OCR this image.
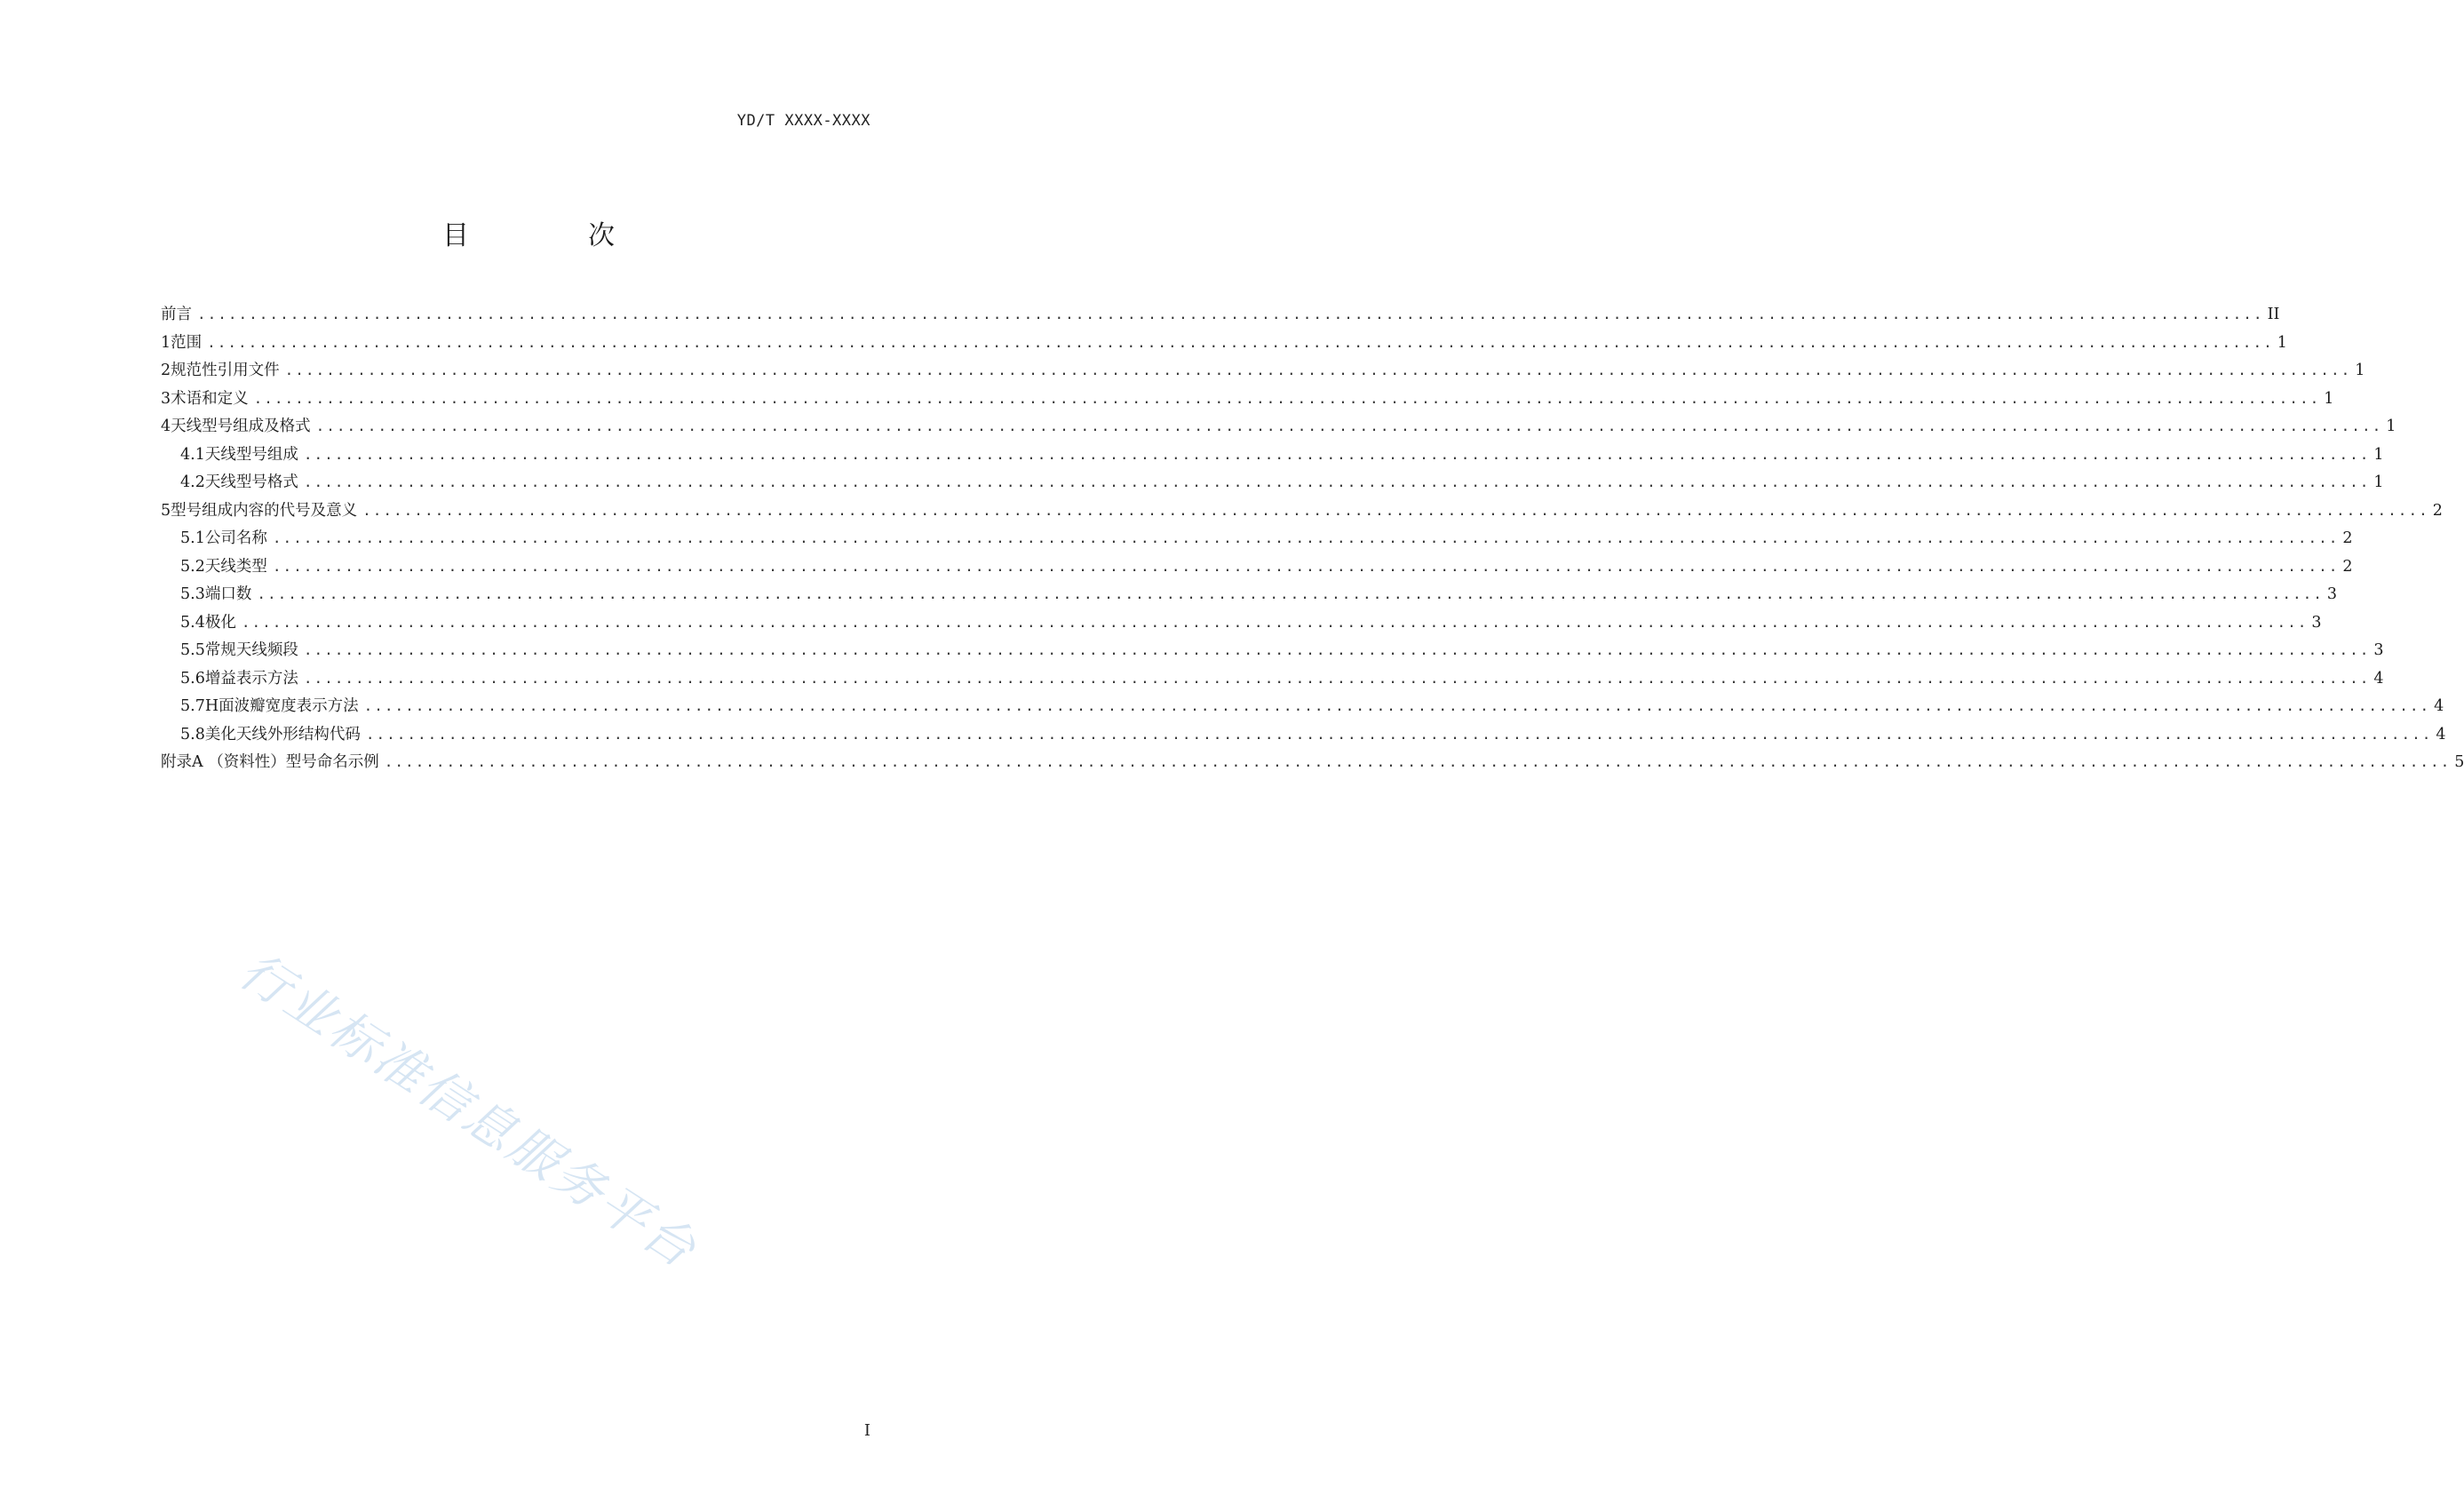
YD/T XXXX-XXXX
目　次
前言 ........................................................................................................................................................................................................ II
1 范围 ........................................................................................................................................................................................................ 1
2 规范性引用文件 ........................................................................................................................................................................................................ 1
3 术语和定义 ........................................................................................................................................................................................................ 1
4 天线型号组成及格式 ........................................................................................................................................................................................................ 1
4.1 天线型号组成 ........................................................................................................................................................................................................ 1
4.2 天线型号格式 ........................................................................................................................................................................................................ 1
5 型号组成内容的代号及意义 ........................................................................................................................................................................................................ 2
5.1 公司名称 ........................................................................................................................................................................................................ 2
5.2 天线类型 ........................................................................................................................................................................................................ 2
5.3 端口数 ........................................................................................................................................................................................................ 3
5.4 极化 ........................................................................................................................................................................................................ 3
5.5 常规天线频段 ........................................................................................................................................................................................................ 3
5.6 增益表示方法 ........................................................................................................................................................................................................ 4
5.7 H面波瓣宽度表示方法 ........................................................................................................................................................................................................ 4
5.8 美化天线外形结构代码 ........................................................................................................................................................................................................ 4
附录A （资料性）型号命名示例 ........................................................................................................................................................................................................ 5
行业标准信息服务平台
I
